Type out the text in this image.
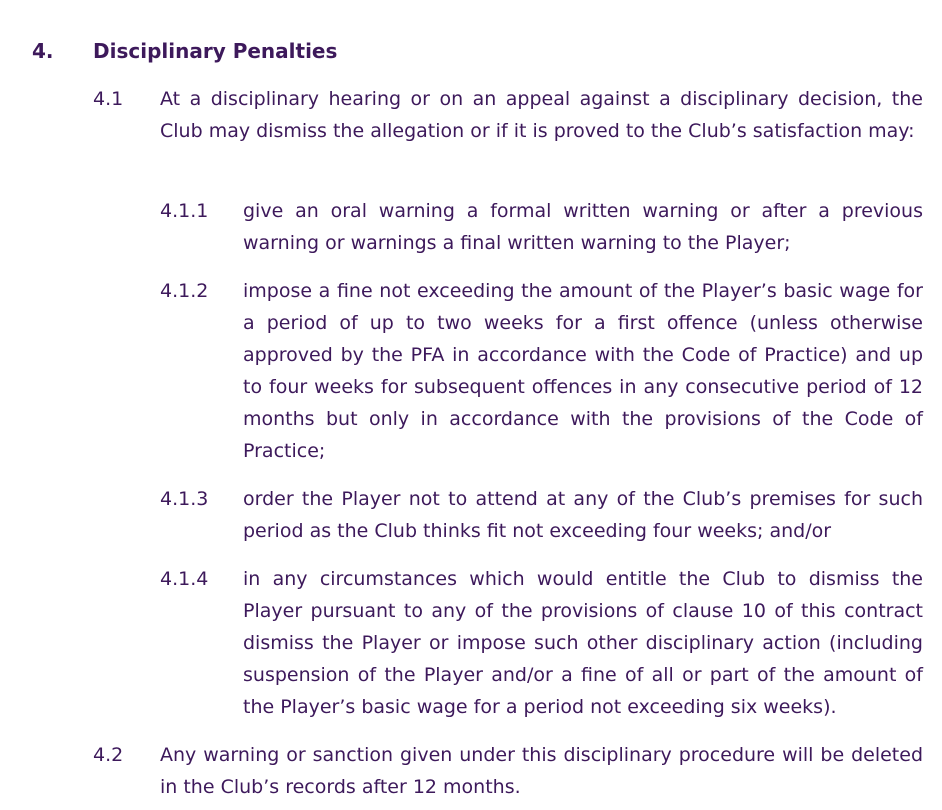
4. Disciplinary Penalties
4.1 At a disciplinary hearing or on an appeal against a disciplinary decision, the Club may dismiss the allegation or if it is proved to the Club’s satisfaction may:
4.1.1 give an oral warning a formal written warning or after a previous warning or warnings a final written warning to the Player;
4.1.2 impose a fine not exceeding the amount of the Player’s basic wage for a period of up to two weeks for a first offence (unless otherwise approved by the PFA in accordance with the Code of Practice) and up to four weeks for subsequent offences in any consecutive period of 12 months but only in accordance with the provisions of the Code of Practice;
4.1.3 order the Player not to attend at any of the Club’s premises for such period as the Club thinks fit not exceeding four weeks; and/or
4.1.4 in any circumstances which would entitle the Club to dismiss the Player pursuant to any of the provisions of clause 10 of this contract dismiss the Player or impose such other disciplinary action (including suspension of the Player and/or a fine of all or part of the amount of the Player’s basic wage for a period not exceeding six weeks).
4.2 Any warning or sanction given under this disciplinary procedure will be deleted in the Club’s records after 12 months.
